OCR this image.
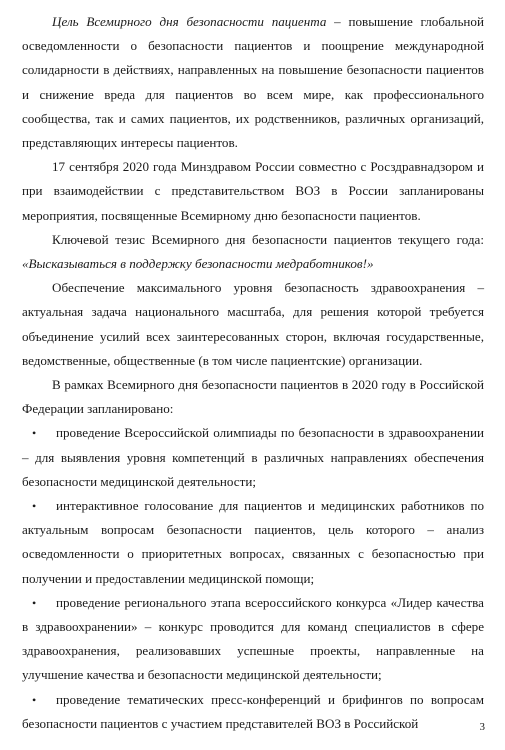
Цель Всемирного дня безопасности пациента – повышение глобальной осведомленности о безопасности пациентов и поощрение международной солидарности в действиях, направленных на повышение безопасности пациентов и снижение вреда для пациентов во всем мире, как профессионального сообщества, так и самих пациентов, их родственников, различных организаций, представляющих интересы пациентов.

17 сентября 2020 года Минздравом России совместно с Росздравнадзором и при взаимодействии с представительством ВОЗ в России запланированы мероприятия, посвященные Всемирному дню безопасности пациентов.

Ключевой тезис Всемирного дня безопасности пациентов текущего года: «Высказываться в поддержку безопасности медработников!»

Обеспечение максимального уровня безопасность здравоохранения – актуальная задача национального масштаба, для решения которой требуется объединение усилий всех заинтересованных сторон, включая государственные, ведомственные, общественные (в том числе пациентские) организации.

В рамках Всемирного дня безопасности пациентов в 2020 году в Российской Федерации запланировано:

• проведение Всероссийской олимпиады по безопасности в здравоохранении – для выявления уровня компетенций в различных направлениях обеспечения безопасности медицинской деятельности;

• интерактивное голосование для пациентов и медицинских работников по актуальным вопросам безопасности пациентов, цель которого – анализ осведомленности о приоритетных вопросах, связанных с безопасностью при получении и предоставлении медицинской помощи;

• проведение регионального этапа всероссийского конкурса «Лидер качества в здравоохранении» – конкурс проводится для команд специалистов в сфере здравоохранения, реализовавших успешные проекты, направленные на улучшение качества и безопасности медицинской деятельности;

• проведение тематических пресс-конференций и брифингов по вопросам безопасности пациентов с участием представителей ВОЗ в Российской	3
